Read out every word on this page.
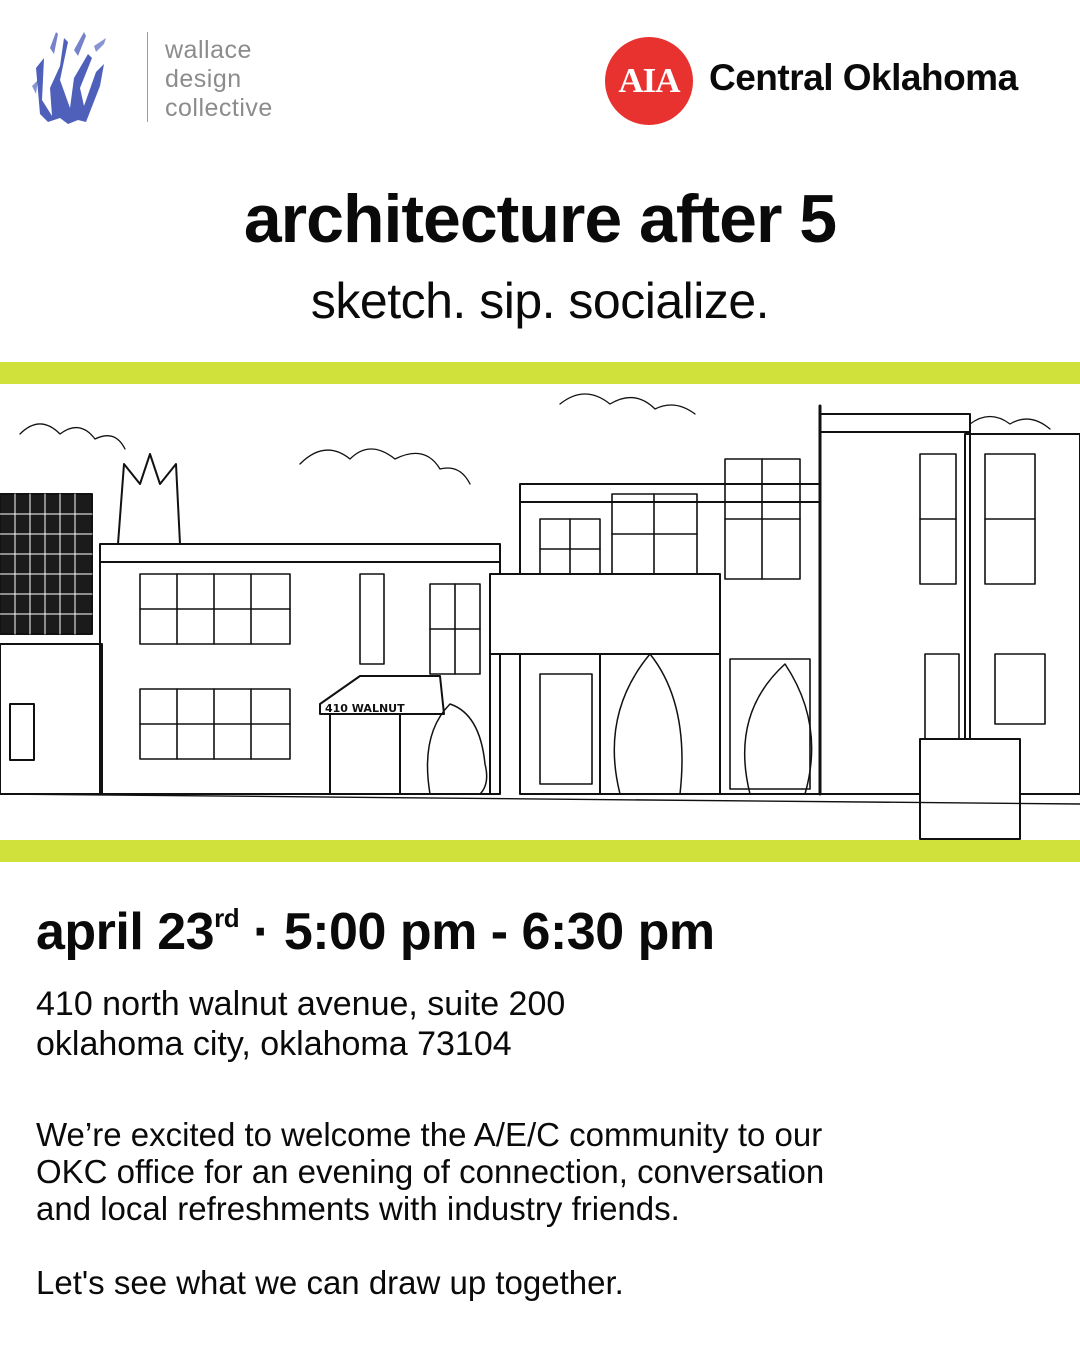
wallace
design
collective
AIA Central Oklahoma
architecture after 5
sketch. sip. socialize.
410 WALNUT
april 23rd · 5:00 pm - 6:30 pm
410 north walnut avenue, suite 200
oklahoma city, oklahoma 73104
We’re excited to welcome the A/E/C community to our
OKC office for an evening of connection, conversation
and local refreshments with industry friends.
Let's see what we can draw up together.
